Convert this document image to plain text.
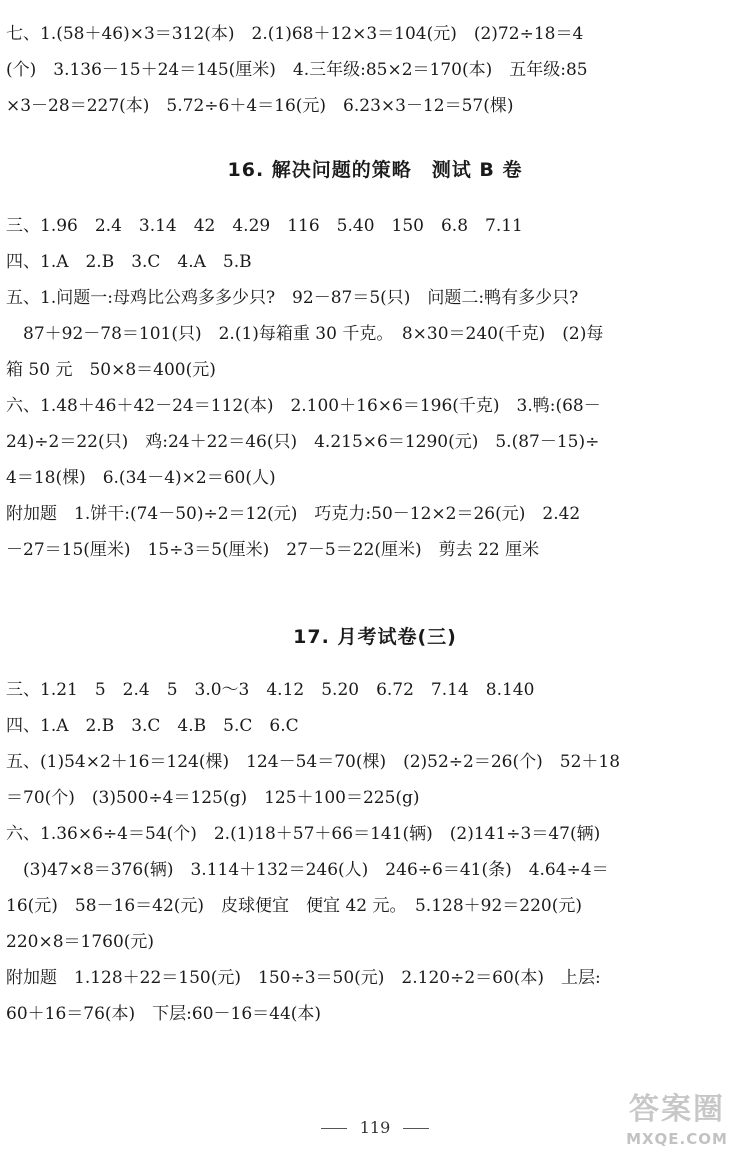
七、1.(58＋46)×3＝312(本)　2.(1)68＋12×3＝104(元)　(2)72÷18＝4
(个)　3.136－15＋24＝145(厘米)　4.三年级:85×2＝170(本)　五年级:85
×3－28＝227(本)　5.72÷6＋4＝16(元)　6.23×3－12＝57(棵)
16. 解决问题的策略　测试 B 卷
三、1.96　2.4　3.14　42　4.29　116　5.40　150　6.8　7.11
四、1.A　2.B　3.C　4.A　5.B
五、1.问题一:母鸡比公鸡多多少只?　92－87＝5(只)　问题二:鸭有多少只?
　87＋92－78＝101(只)　2.(1)每箱重 30 千克。　8×30＝240(千克)　(2)每
箱 50 元　50×8＝400(元)
六、1.48＋46＋42－24＝112(本)　2.100＋16×6＝196(千克)　3.鸭:(68－
24)÷2＝22(只)　鸡:24＋22＝46(只)　4.215×6＝1290(元)　5.(87－15)÷
4＝18(棵)　6.(34－4)×2＝60(人)
附加题　1.饼干:(74－50)÷2＝12(元)　巧克力:50－12×2＝26(元)　2.42
－27＝15(厘米)　15÷3＝5(厘米)　27－5＝22(厘米)　剪去 22 厘米
17. 月考试卷(三)
三、1.21　5　2.4　5　3.0～3　4.12　5.20　6.72　7.14　8.140
四、1.A　2.B　3.C　4.B　5.C　6.C
五、(1)54×2＋16＝124(棵)　124－54＝70(棵)　(2)52÷2＝26(个)　52＋18
＝70(个)　(3)500÷4＝125(g)　125＋100＝225(g)
六、1.36×6÷4＝54(个)　2.(1)18＋57＋66＝141(辆)　(2)141÷3＝47(辆)
　(3)47×8＝376(辆)　3.114＋132＝246(人)　246÷6＝41(条)　4.64÷4＝
16(元)　58－16＝42(元)　皮球便宜　便宜 42 元。　5.128＋92＝220(元)
220×8＝1760(元)
附加题　1.128＋22＝150(元)　150÷3＝50(元)　2.120÷2＝60(本)　上层:
60＋16＝76(本)　下层:60－16＝44(本)
119
答案圈
MXQE.COM
